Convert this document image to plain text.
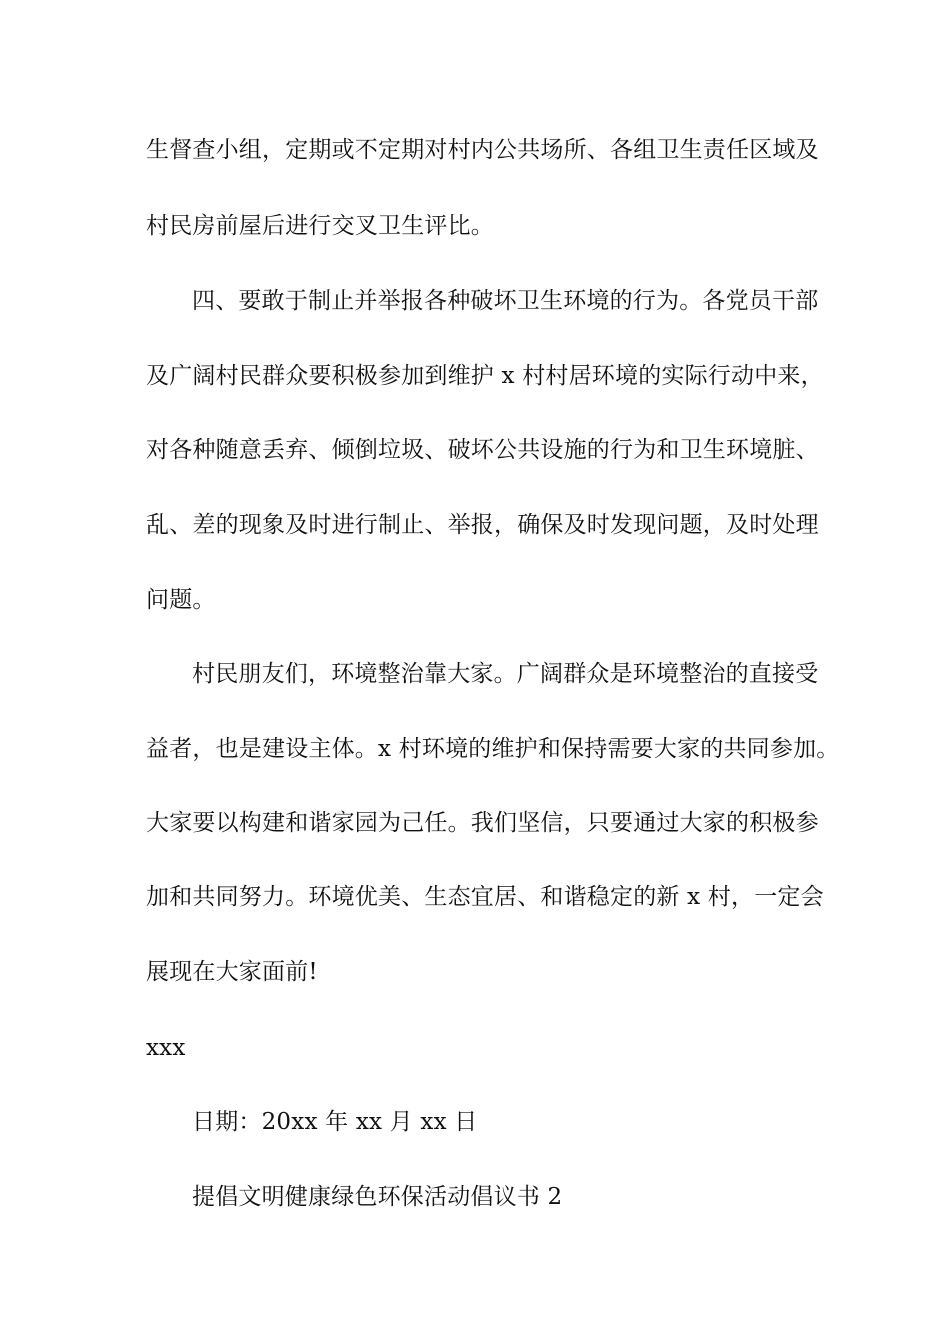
生督查小组，定期或不定期对村内公共场所、各组卫生责任区域及
村民房前屋后进行交叉卫生评比。
四、要敢于制止并举报各种破坏卫生环境的行为。各党员干部
及广阔村民群众要积极参加到维护 x 村村居环境的实际行动中来，
对各种随意丢弃、倾倒垃圾、破坏公共设施的行为和卫生环境脏、
乱、差的现象及时进行制止、举报，确保及时发现问题，及时处理
问题。
村民朋友们，环境整治靠大家。广阔群众是环境整治的直接受
益者，也是建设主体。x 村环境的维护和保持需要大家的共同参加。
大家要以构建和谐家园为己任。我们坚信，只要通过大家的积极参
加和共同努力。环境优美、生态宜居、和谐稳定的新 x 村，一定会
展现在大家面前!
xxx
日期：20xx 年 xx 月 xx 日
提倡文明健康绿色环保活动倡议书 2
